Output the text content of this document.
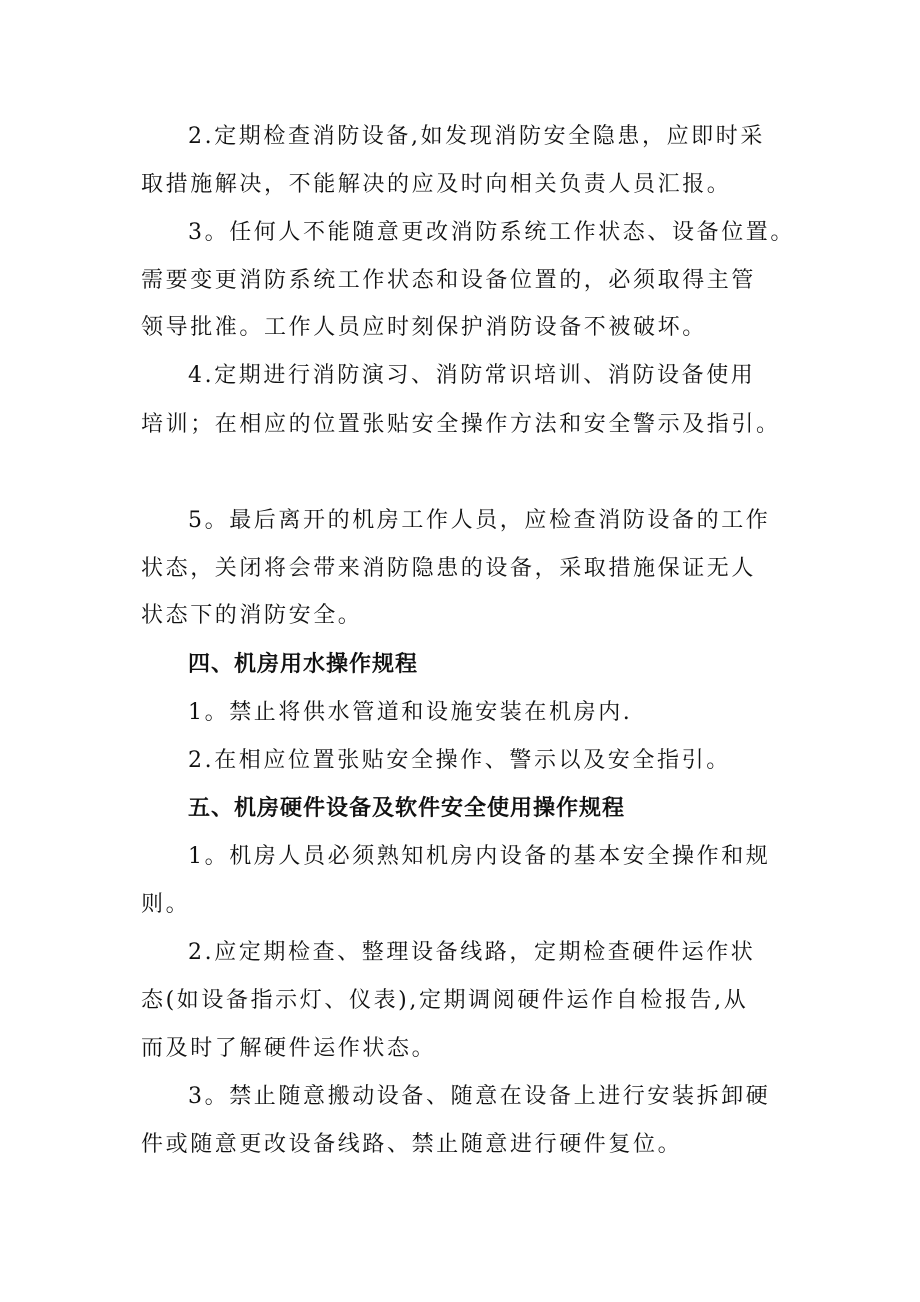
2.定期检查消防设备,如发现消防安全隐患，应即时采

取措施解决，不能解决的应及时向相关负责人员汇报。

3。任何人不能随意更改消防系统工作状态、设备位置。

需要变更消防系统工作状态和设备位置的，必须取得主管

领导批准。工作人员应时刻保护消防设备不被破坏。

4.定期进行消防演习、消防常识培训、消防设备使用

培训；在相应的位置张贴安全操作方法和安全警示及指引。

5。最后离开的机房工作人员，应检查消防设备的工作

状态，关闭将会带来消防隐患的设备，采取措施保证无人

状态下的消防安全。

四、机房用水操作规程

1。禁止将供水管道和设施安装在机房内.

2.在相应位置张贴安全操作、警示以及安全指引。

五、机房硬件设备及软件安全使用操作规程

1。机房人员必须熟知机房内设备的基本安全操作和规

则。

2.应定期检查、整理设备线路，定期检查硬件运作状

态(如设备指示灯、仪表),定期调阅硬件运作自检报告,从

而及时了解硬件运作状态。

3。禁止随意搬动设备、随意在设备上进行安装拆卸硬

件或随意更改设备线路、禁止随意进行硬件复位。
